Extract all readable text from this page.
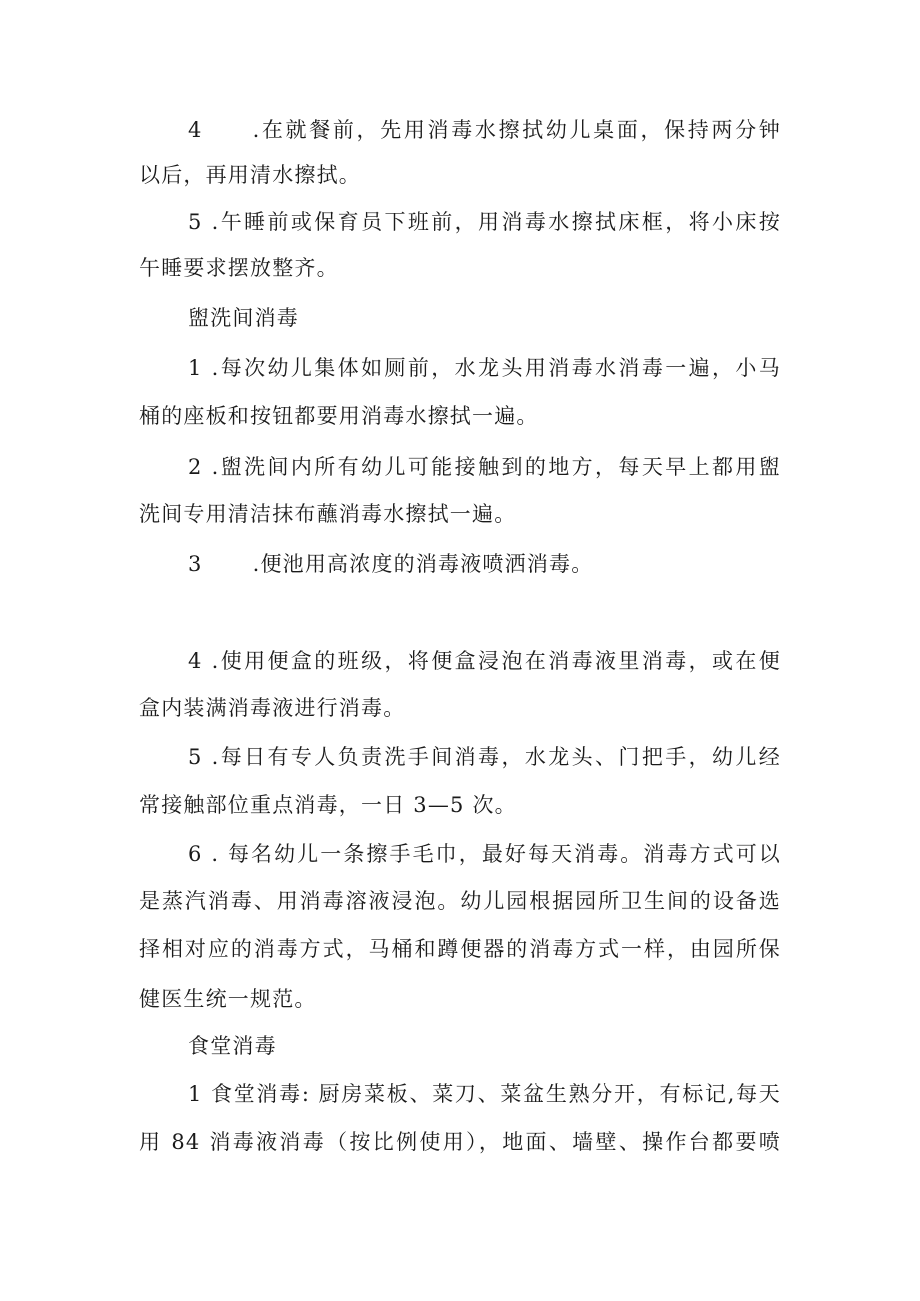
4 .在就餐前，先用消毒水擦拭幼儿桌面，保持两分钟
以后，再用清水擦拭。
5 .午睡前或保育员下班前，用消毒水擦拭床框，将小床按
午睡要求摆放整齐。
盥洗间消毒
1 .每次幼儿集体如厕前，水龙头用消毒水消毒一遍，小马
桶的座板和按钮都要用消毒水擦拭一遍。
2 .盥洗间内所有幼儿可能接触到的地方，每天早上都用盥
洗间专用清洁抹布蘸消毒水擦拭一遍。
3 .便池用高浓度的消毒液喷洒消毒。
4 .使用便盒的班级，将便盒浸泡在消毒液里消毒，或在便
盒内装满消毒液进行消毒。
5 .每日有专人负责洗手间消毒，水龙头、门把手，幼儿经
常接触部位重点消毒，一日 3—5 次。
6 . 每名幼儿一条擦手毛巾，最好每天消毒。消毒方式可以
是蒸汽消毒、用消毒溶液浸泡。幼儿园根据园所卫生间的设备选
择相对应的消毒方式，马桶和蹲便器的消毒方式一样，由园所保
健医生统一规范。
食堂消毒
1 食堂消毒: 厨房菜板、菜刀、菜盆生熟分开，有标记,每天
用 84 消毒液消毒（按比例使用），地面、墙壁、操作台都要喷
